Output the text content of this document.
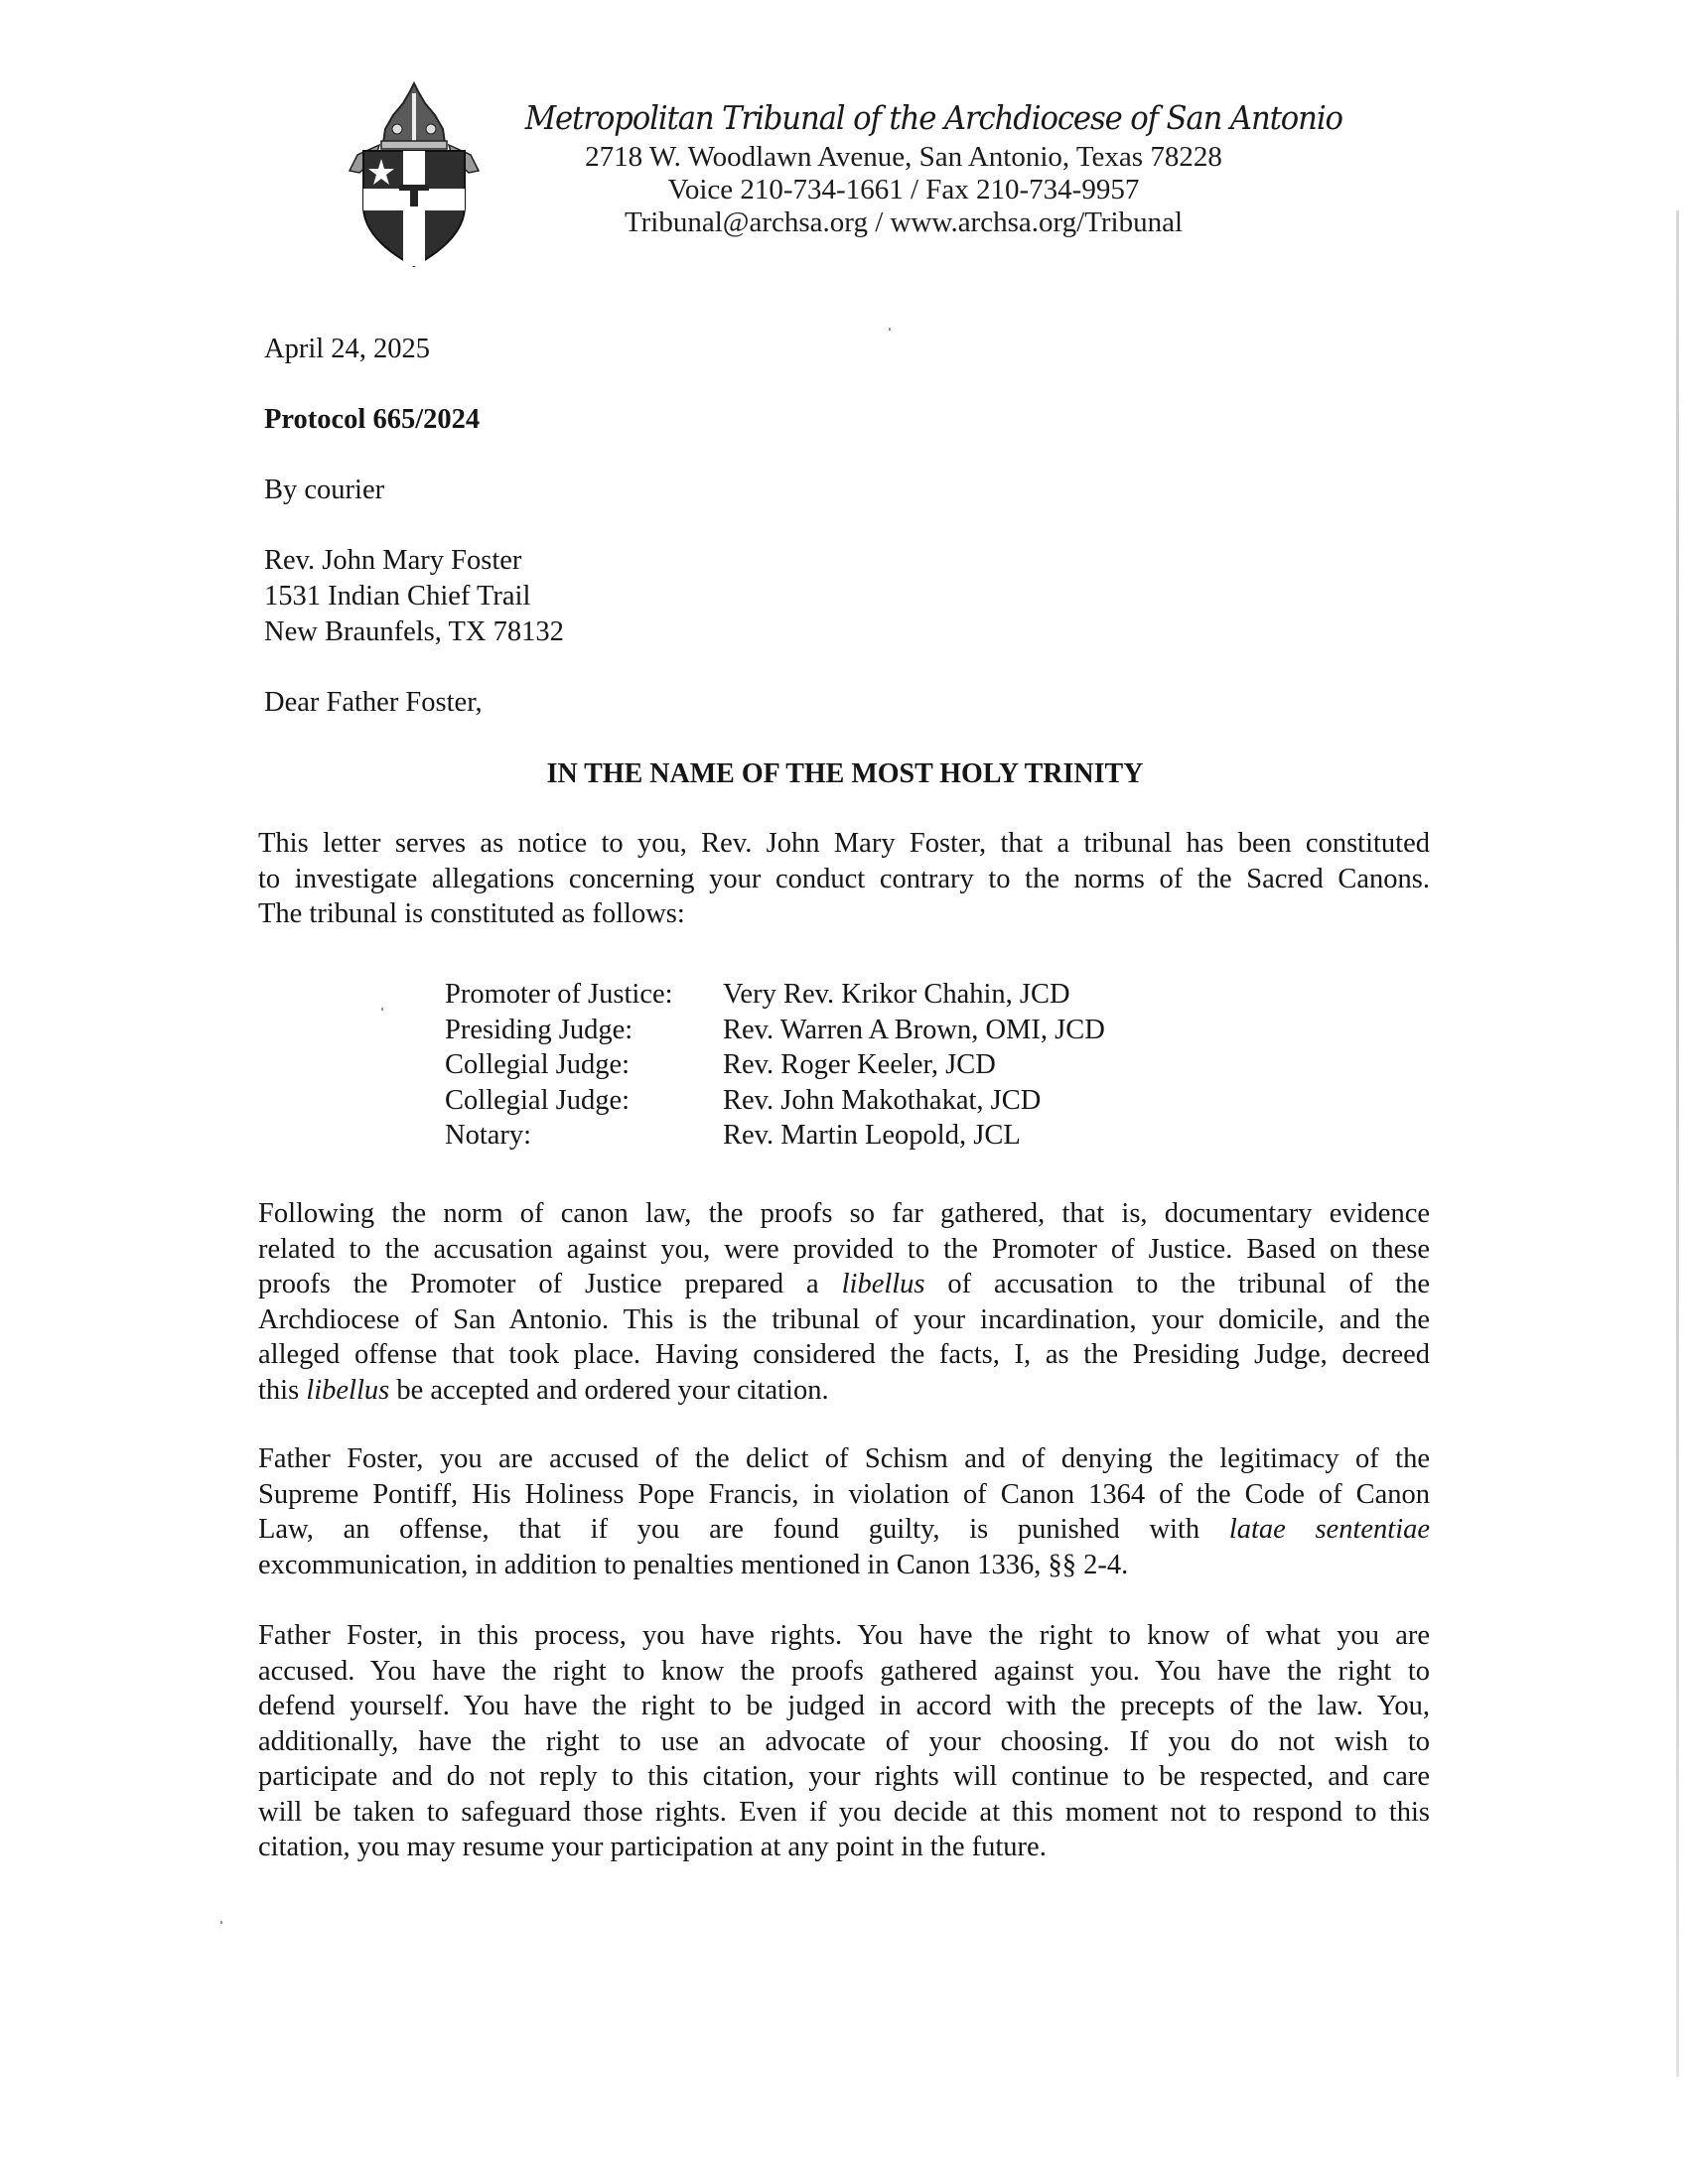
Metropolitan Tribunal of the Archdiocese of San Antonio
2718 W. Woodlawn Avenue, San Antonio, Texas 78228
Voice 210-734-1661 / Fax 210-734-9957
Tribunal@archsa.org / www.archsa.org/Tribunal
April 24, 2025
Protocol 665/2024
By courier
Rev. John Mary Foster
1531 Indian Chief Trail
New Braunfels, TX 78132
Dear Father Foster,
IN THE NAME OF THE MOST HOLY TRINITY
This letter serves as notice to you, Rev. John Mary Foster, that a tribunal has been constituted
to investigate allegations concerning your conduct contrary to the norms of the Sacred Canons.
The tribunal is constituted as follows:
Promoter of Justice:	Very Rev. Krikor Chahin, JCD
Presiding Judge:	Rev. Warren A Brown, OMI, JCD
Collegial Judge:	Rev. Roger Keeler, JCD
Collegial Judge:	Rev. John Makothakat, JCD
Notary:	Rev. Martin Leopold, JCL
Following the norm of canon law, the proofs so far gathered, that is, documentary evidence
related to the accusation against you, were provided to the Promoter of Justice. Based on these
proofs the Promoter of Justice prepared a libellus of accusation to the tribunal of the
Archdiocese of San Antonio. This is the tribunal of your incardination, your domicile, and the
alleged offense that took place. Having considered the facts, I, as the Presiding Judge, decreed
this libellus be accepted and ordered your citation.
Father Foster, you are accused of the delict of Schism and of denying the legitimacy of the
Supreme Pontiff, His Holiness Pope Francis, in violation of Canon 1364 of the Code of Canon
Law, an offense, that if you are found guilty, is punished with latae sententiae
excommunication, in addition to penalties mentioned in Canon 1336, §§ 2-4.
Father Foster, in this process, you have rights. You have the right to know of what you are
accused. You have the right to know the proofs gathered against you. You have the right to
defend yourself. You have the right to be judged in accord with the precepts of the law. You,
additionally, have the right to use an advocate of your choosing. If you do not wish to
participate and do not reply to this citation, your rights will continue to be respected, and care
will be taken to safeguard those rights. Even if you decide at this moment not to respond to this
citation, you may resume your participation at any point in the future.
